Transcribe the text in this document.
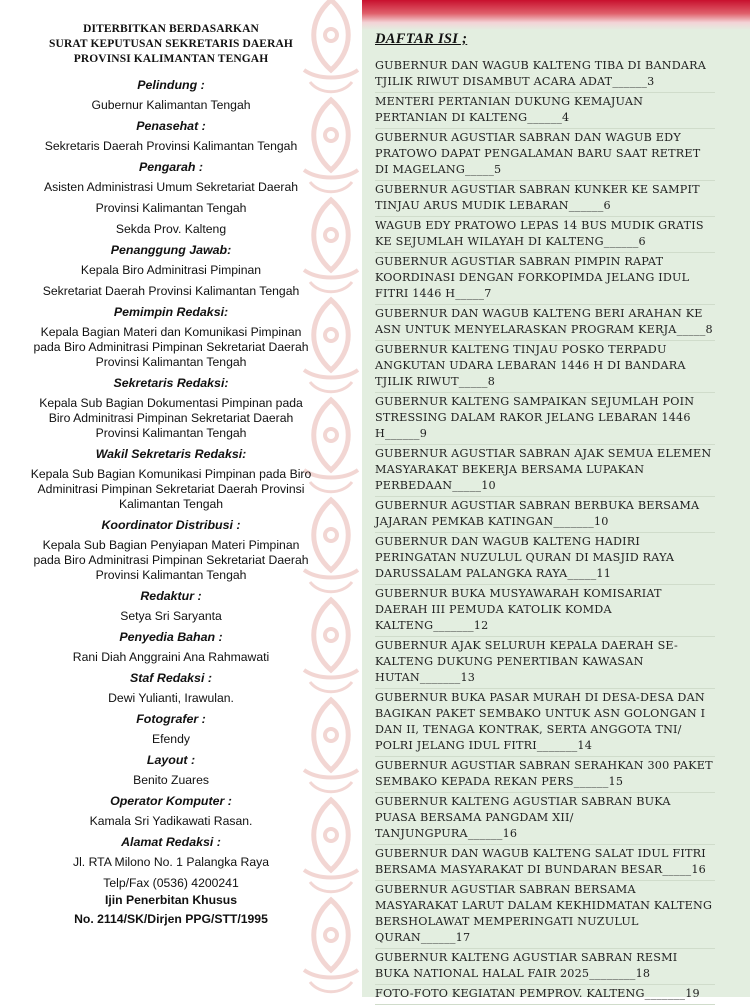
DITERBITKAN BERDASARKAN

SURAT KEPUTUSAN SEKRETARIS DAERAH

PROVINSI KALIMANTAN TENGAH

Pelindung :

Gubernur Kalimantan Tengah

Penasehat :

Sekretaris Daerah Provinsi Kalimantan Tengah

Pengarah :

Asisten Administrasi Umum Sekretariat Daerah

Provinsi Kalimantan Tengah

Sekda Prov. Kalteng

Penanggung Jawab:

Kepala Biro Adminitrasi Pimpinan

Sekretariat Daerah Provinsi Kalimantan Tengah

Pemimpin Redaksi:

Kepala Bagian Materi dan Komunikasi Pimpinan pada Biro Adminitrasi Pimpinan Sekretariat Daerah Provinsi Kalimantan Tengah

Sekretaris Redaksi:

Kepala Sub Bagian Dokumentasi Pimpinan pada Biro Adminitrasi Pimpinan Sekretariat Daerah Provinsi Kalimantan Tengah

Wakil Sekretaris Redaksi:

Kepala Sub Bagian Komunikasi Pimpinan pada Biro Adminitrasi Pimpinan Sekretariat Daerah Provinsi Kalimantan Tengah

Koordinator Distribusi :

Kepala Sub Bagian Penyiapan Materi Pimpinan pada Biro Adminitrasi Pimpinan Sekretariat Daerah Provinsi Kalimantan Tengah

Redaktur :

Setya Sri Saryanta

Penyedia Bahan :

Rani Diah Anggraini Ana Rahmawati

Staf Redaksi :

Dewi Yulianti, Irawulan.

Fotografer :

Efendy

Layout :

Benito Zuares

Operator Komputer :

Kamala Sri Yadikawati Rasan.

Alamat Redaksi :

Jl. RTA Milono No. 1 Palangka Raya

Telp/Fax (0536) 4200241

Ijin Penerbitan Khusus

No. 2114/SK/Dirjen PPG/STT/1995

DAFTAR ISI ;
GUBERNUR DAN WAGUB KALTENG TIBA DI BANDARA TJILIK RIWUT DISAMBUT ACARA ADAT______3
MENTERI PERTANIAN DUKUNG KEMAJUAN PERTANIAN DI KALTENG______4
GUBERNUR AGUSTIAR SABRAN DAN WAGUB EDY PRATOWO DAPAT PENGALAMAN BARU SAAT RETRET DI MAGELANG_____5
GUBERNUR AGUSTIAR SABRAN KUNKER KE SAMPIT TINJAU ARUS MUDIK LEBARAN______6
WAGUB EDY PRATOWO LEPAS 14 BUS MUDIK GRATIS KE SEJUMLAH WILAYAH DI KALTENG______6
GUBERNUR AGUSTIAR SABRAN PIMPIN RAPAT KOORDINASI DENGAN FORKOPIMDA JELANG IDUL FITRI 1446 H_____7
GUBERNUR DAN WAGUB KALTENG BERI ARAHAN KE ASN UNTUK MENYELARASKAN PROGRAM KERJA_____8
GUBERNUR KALTENG TINJAU POSKO TERPADU ANGKUTAN UDARA LEBARAN 1446 H DI BANDARA TJILIK RIWUT_____8
GUBERNUR KALTENG SAMPAIKAN SEJUMLAH POIN STRESSING DALAM RAKOR JELANG LEBARAN 1446 H______9
GUBERNUR AGUSTIAR SABRAN AJAK SEMUA ELEMEN MASYARAKAT BEKERJA BERSAMA LUPAKAN PERBEDAAN_____10
GUBERNUR AGUSTIAR SABRAN BERBUKA BERSAMA JAJARAN PEMKAB KATINGAN_______10
GUBERNUR DAN WAGUB KALTENG HADIRI PERINGATAN NUZULUL QURAN DI MASJID RAYA DARUSSALAM PALANGKA RAYA_____11
GUBERNUR BUKA MUSYAWARAH KOMISARIAT DAERAH III PEMUDA KATOLIK KOMDA KALTENG_______12
GUBERNUR AJAK SELURUH KEPALA DAERAH SE-KALTENG DUKUNG PENERTIBAN KAWASAN HUTAN_______13
GUBERNUR BUKA PASAR MURAH DI DESA-DESA DAN BAGIKAN PAKET SEMBAKO UNTUK ASN GOLONGAN I DAN II, TENAGA KONTRAK, SERTA ANGGOTA TNI/ POLRI JELANG IDUL FITRI_______14
GUBERNUR AGUSTIAR SABRAN SERAHKAN 300 PAKET SEMBAKO KEPADA REKAN PERS______15
GUBERNUR KALTENG AGUSTIAR SABRAN BUKA PUASA BERSAMA PANGDAM XII/ TANJUNGPURA______16
GUBERNUR DAN WAGUB KALTENG SALAT IDUL FITRI BERSAMA MASYARAKAT DI BUNDARAN BESAR_____16
GUBERNUR AGUSTIAR SABRAN BERSAMA MASYARAKAT LARUT DALAM KEKHIDMATAN KALTENG BERSHOLAWAT MEMPERINGATI NUZULUL QURAN______17
GUBERNUR KALTENG AGUSTIAR SABRAN RESMI BUKA NATIONAL HALAL FAIR 2025________18
FOTO-FOTO KEGIATAN PEMPROV. KALTENG_______19
